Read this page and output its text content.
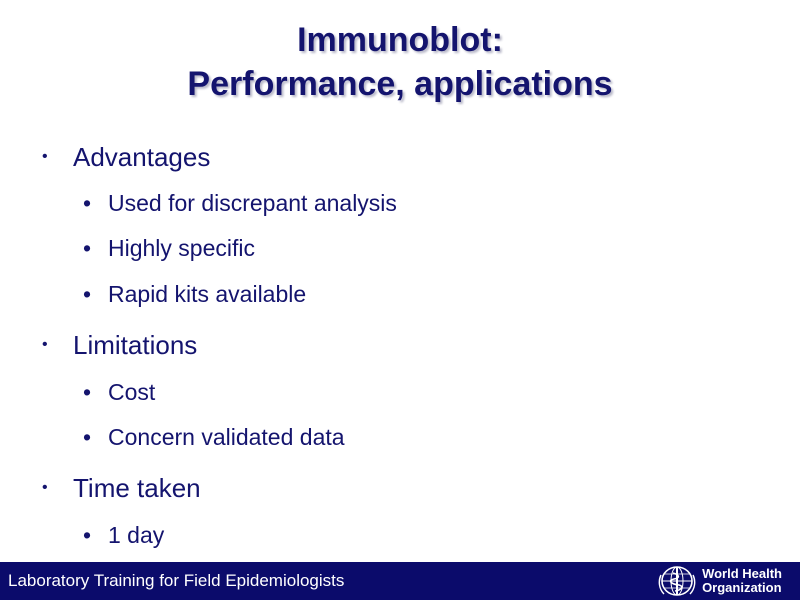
Immunoblot:
Performance, applications
• Advantages
• Used for discrepant analysis
• Highly specific
• Rapid kits available
• Limitations
• Cost
• Concern validated data
• Time taken
• 1 day
Laboratory Training for Field Epidemiologists	World Health
Organization
